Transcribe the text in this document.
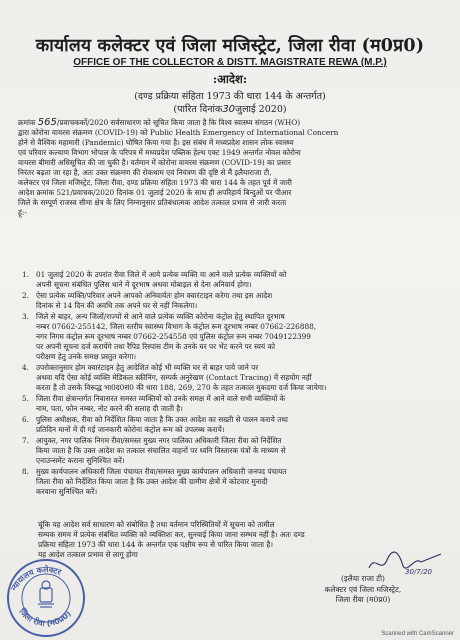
कार्यालय कलेक्टर एवं जिला मजिस्ट्रेट, जिला रीवा (म0प्र0)
OFFICE OF THE COLLECTOR & DISTT. MAGISTRATE REWA (M.P.)
:आदेश:
(दण्ड प्रक्रिया संहिता 1973 की धारा 144 के अन्तर्गत)
(पारित दिनांक30जुलाई 2020)
क्रमांक 565/प्रवाचकर्को/2020 सर्वसाधारण को सूचित किया जाता है कि विश्व स्वास्थ्य संगठन (WHO)
द्वारा कोरोना वायरस संक्रमण (COVID-19) को Public Health Emergency of International Concern
होने से वैश्विक महामारी (Pandemic) घोषित किया गया है। इस संबंध में मध्यप्रदेश शासन लोक स्वास्थ्य
एवं परिवार कल्याण विभाग भोपाल के परिपत्र में मध्यप्रदेश पब्लिक हेल्थ एक्ट 1949 अन्तर्गत नोवल कोरोना
वायरस बीमारी अधिसूचित की जा चुकी है। वर्तमान में कोरोना वायरस संक्रमण (COVID-19) का प्रसार
निरंतर बढ़ता जा रहा है, अतः उक्त संक्रमण की रोकथाम एवं नियंत्रण की दृष्टि से मैं इलैयाराजा टी,
कलेक्टर एवं जिला मजिस्ट्रेट, जिला रीवा, दण्ड प्रक्रिया संहिता 1973 की धारा 144 के तहत पूर्व में जारी
आदेश क्रमांक 521/प्रवाचक/2020 दिनांक 01 जुलाई 2020 के साथ ही अपरिहार्य बिन्दुओं पर पीआर
जिले के सम्पूर्ण राजस्व सीमा क्षेत्र के लिए निम्नानुसार प्रतिबंधात्मक आदेश तत्काल प्रभाव से जारी करता
हूं:-
1. 01 जुलाई 2020 के उपरांत रीवा जिले में आये प्रत्येक व्यक्ति या आने वाले प्रत्येक व्यक्तियों को
अपनी सूचना संबंधित पुलिस थाने में दूरभाष अथवा मोबाइल से देना अनिवार्य होगा।
2. ऐसा प्रत्येक व्यक्ति/परिवार अपने आपको अनिवार्यतः होम क्वारंटाइन करेगा तथा इस आदेश
दिनांक से 14 दिन की अवधि तक अपने घर से नहीं निकलेगा।
3. जिले से बाहर, अन्य जिलों/राज्यों से आने वाले प्रत्येक व्यक्ति कोरोना कंट्रोल हेतु स्थापित दूरभाष
नम्बर 07662-255142, जिला स्तरीय स्वास्थ्य विभाग के कंट्रोल रूम दूरभाष नम्बर 07662-226888,
नगर निगम कंट्रोल रूम दूरभाष नम्बर 07662-254558 एवं पुलिस कंट्रोल रूम नम्बर 7049122399
पर अपनी सूचना दर्ज करायेंगे तथा रैपिड रिस्पांस टीम के उनके घर पर भेंट करने पर स्वयं को
परीक्षण हेतु उनके समक्ष प्रस्तुत करेगा।
4. उपरोक्तानुसार होम क्वारंटाइन हेतु आदेशित कोई भी व्यक्ति घर से बाहर पाये जाने पर
अथवा यदि ऐसा कोई व्यक्ति मेडिकल स्क्रीनिंग, सम्पर्क अनुरेखण (Contact Tracing) में सहयोग नहीं
करता है तो उसके विरूद्ध भा0द0सं0 की धारा 188, 269, 270 के तहत तत्काल मुकदमा दर्ज किया जायेगा।
5. जिला रीवा क्षेत्रान्तर्गत निवासरत समस्त व्यक्तियों को उनके समक्ष में आने वाले सभी व्यक्तियों के
नाम, पता, फोन नम्बर, नोट करने की सलाह दी जाती है।
6. पुलिस अधीक्षक, रीवा को निर्देशित किया जाता है कि उक्त आदेश का सख्ती से पालन कराये तथा
प्रतिदिन मानों में दी गई जानकारी कोरोना कंट्रोल रूम को उपलब्ध करायें।
7. आयुक्त, नगर पालिक निगम रीवा/समस्त मुख्य नगर पालिका अधिकारी जिला रीवा को निर्देशित
किया जाता है कि उक्त आदेश का तत्काल संचालित वाहनों पर ध्वनि विस्तारक यंत्रों के माध्यम से
एनाउन्समेंट कराना सुनिश्चित करें।
8. मुख्य कार्यपालन अधिकारी जिला पंचायत रीवा/समस्त मुख्य कार्यपालन अधिकारी जनपद पंचायत
जिला रीवा को निर्देशित किया जाता है कि उक्त आदेश की ग्रामीण क्षेत्रों में कोटवार मुनादी
करवाना सुनिश्चित करें।
चूंकि यह आदेश सर्व साधारण को संबोधित है तथा वर्तमान परिस्थितियों में सूचना को तामील
सम्यक समय में प्रत्येक संबंधित व्यक्ति को व्यक्तिशः कर, सुनवाई किया जाना सम्भव नहीं है। अतः दण्ड
प्रक्रिया संहिता 1973 की धारा 144 के अन्तर्गत एक पक्षीय रूप से पारित किया जाता है।
यह आदेश तत्काल प्रभाव से लागू होगा
30/7/20
(इलैया राजा टी)
कलेक्टर एवं जिला मजिस्ट्रेट,
जिला रीवा (म0प्र0)
न्यायालय कलेक्टर
जिला रीवा (म0प्र0)
Scanned with CamScanner
